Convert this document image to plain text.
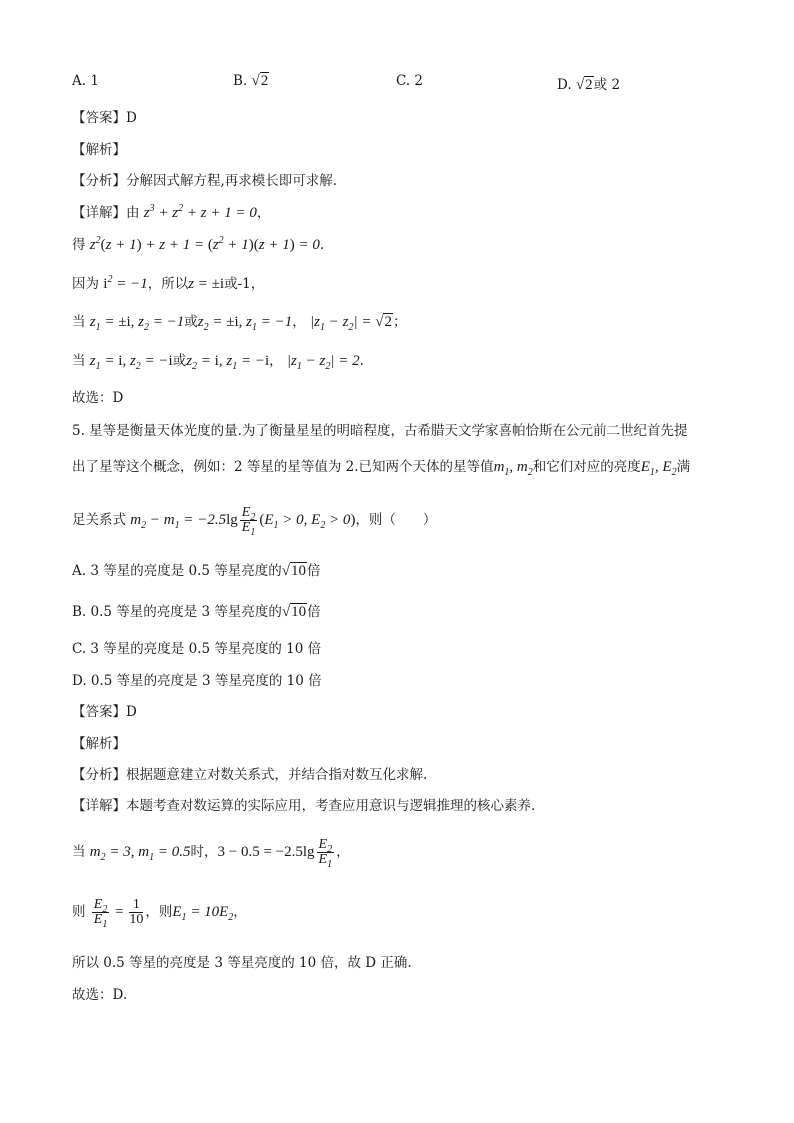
A. 1	B. √2	C. 2	D. √2或 2
【答案】D
【解析】
【分析】分解因式解方程,再求模长即可求解.
【详解】由 $z^3 + z^2 + z + 1 = 0$，
得 $z^2(z + 1) + z + 1 = (z^2 + 1)(z + 1) = 0$.
因为 $i^2 = -1$，所以z = ±i或-1，
当 $z_1 = \pm i$, $z_2 = -1$或$z_2 = \pm i$, $z_1 = -1$， $|z_1 - z_2| = √2$；
当 $z_1 = i$, $z_2 = -i$或$z_2 = i$, $z_1 = -i$， $|z_1 - z_2| = 2$.
故选：D
5. 星等是衡量天体光度的量.为了衡量星星的明暗程度，古希腊天文学家喜帕恰斯在公元前二世纪首先提
出了星等这个概念，例如：2 等星的星等值为 2.已知两个天体的星等值$m_1$, $m_2$和它们对应的亮度$E_1$, $E_2$满
足关系式 $m_2 - m_1 = -2.5\lg \frac{E_2}{E_1} (E_1 > 0$, $E_2 > 0$)，则（　　）
A. 3 等星的亮度是 0.5 等星亮度的√10倍
B. 0.5 等星的亮度是 3 等星亮度的√10倍
C. 3 等星的亮度是 0.5 等星亮度的 10 倍
D. 0.5 等星的亮度是 3 等星亮度的 10 倍
【答案】D
【解析】
【分析】根据题意建立对数关系式，并结合指对数互化求解.
【详解】本题考查对数运算的实际应用，考查应用意识与逻辑推理的核心素养.
当 $m_2 = 3$, $m_1 = 0.5$时，$3 - 0.5 = -2.5\lg \frac{E_2}{E_1}$ ，
则 $\frac{E_2}{E_1} = \frac{1}{10}$ ，则$E_1 = 10E_2$，
所以 0.5 等星的亮度是 3 等星亮度的 10 倍，故 D 正确.
故选：D.
